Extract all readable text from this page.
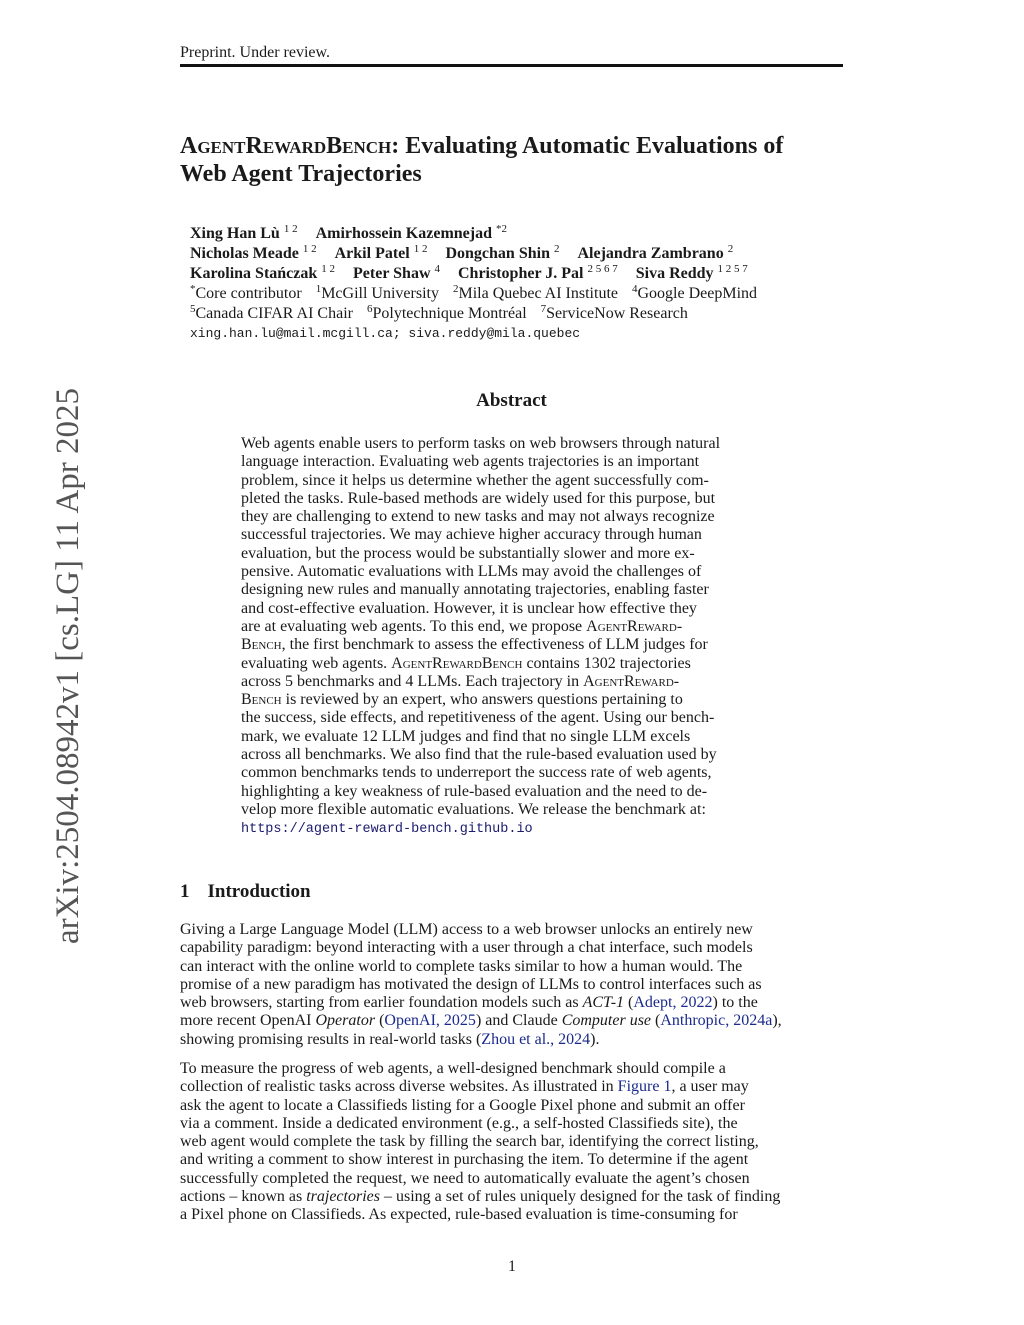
Preprint. Under review.
arXiv:2504.08942v1 [cs.LG] 11 Apr 2025
AgentRewardBench: Evaluating Automatic Evaluations of
Web Agent Trajectories
Xing Han Lù $^{1 2}$ Amirhossein Kazemnejad $^{*2}$
Nicholas Meade $^{1 2}$ Arkil Patel $^{1 2}$ Dongchan Shin $^2$ Alejandra Zambrano $^2$
Karolina Stańczak $^{1 2}$ Peter Shaw $^4$ Christopher J. Pal $^{2 5 6 7}$ Siva Reddy $^{1 2 5 7}$
*Core contributor $^1$McGill University $^2$Mila Quebec AI Institute $^4$Google DeepMind
$^5$Canada CIFAR AI Chair $^6$Polytechnique Montréal $^7$ServiceNow Research
xing.han.lu@mail.mcgill.ca; siva.reddy@mila.quebec
Abstract
Web agents enable users to perform tasks on web browsers through natural
language interaction. Evaluating web agents trajectories is an important
problem, since it helps us determine whether the agent successfully com-
pleted the tasks. Rule-based methods are widely used for this purpose, but
they are challenging to extend to new tasks and may not always recognize
successful trajectories. We may achieve higher accuracy through human
evaluation, but the process would be substantially slower and more ex-
pensive. Automatic evaluations with LLMs may avoid the challenges of
designing new rules and manually annotating trajectories, enabling faster
and cost-effective evaluation. However, it is unclear how effective they
are at evaluating web agents. To this end, we propose AgentReward-
Bench, the first benchmark to assess the effectiveness of LLM judges for
evaluating web agents. AgentRewardBench contains 1302 trajectories
across 5 benchmarks and 4 LLMs. Each trajectory in AgentReward-
Bench is reviewed by an expert, who answers questions pertaining to
the success, side effects, and repetitiveness of the agent. Using our bench-
mark, we evaluate 12 LLM judges and find that no single LLM excels
across all benchmarks. We also find that the rule-based evaluation used by
common benchmarks tends to underreport the success rate of web agents,
highlighting a key weakness of rule-based evaluation and the need to de-
velop more flexible automatic evaluations. We release the benchmark at:
https://agent-reward-bench.github.io
1 Introduction
Giving a Large Language Model (LLM) access to a web browser unlocks an entirely new
capability paradigm: beyond interacting with a user through a chat interface, such models
can interact with the online world to complete tasks similar to how a human would. The
promise of a new paradigm has motivated the design of LLMs to control interfaces such as
web browsers, starting from earlier foundation models such as ACT-1 (Adept, 2022) to the
more recent OpenAI Operator (OpenAI, 2025) and Claude Computer use (Anthropic, 2024a),
showing promising results in real-world tasks (Zhou et al., 2024).
To measure the progress of web agents, a well-designed benchmark should compile a
collection of realistic tasks across diverse websites. As illustrated in Figure 1, a user may
ask the agent to locate a Classifieds listing for a Google Pixel phone and submit an offer
via a comment. Inside a dedicated environment (e.g., a self-hosted Classifieds site), the
web agent would complete the task by filling the search bar, identifying the correct listing,
and writing a comment to show interest in purchasing the item. To determine if the agent
successfully completed the request, we need to automatically evaluate the agent’s chosen
actions – known as trajectories – using a set of rules uniquely designed for the task of finding
a Pixel phone on Classifieds. As expected, rule-based evaluation is time-consuming for
1
